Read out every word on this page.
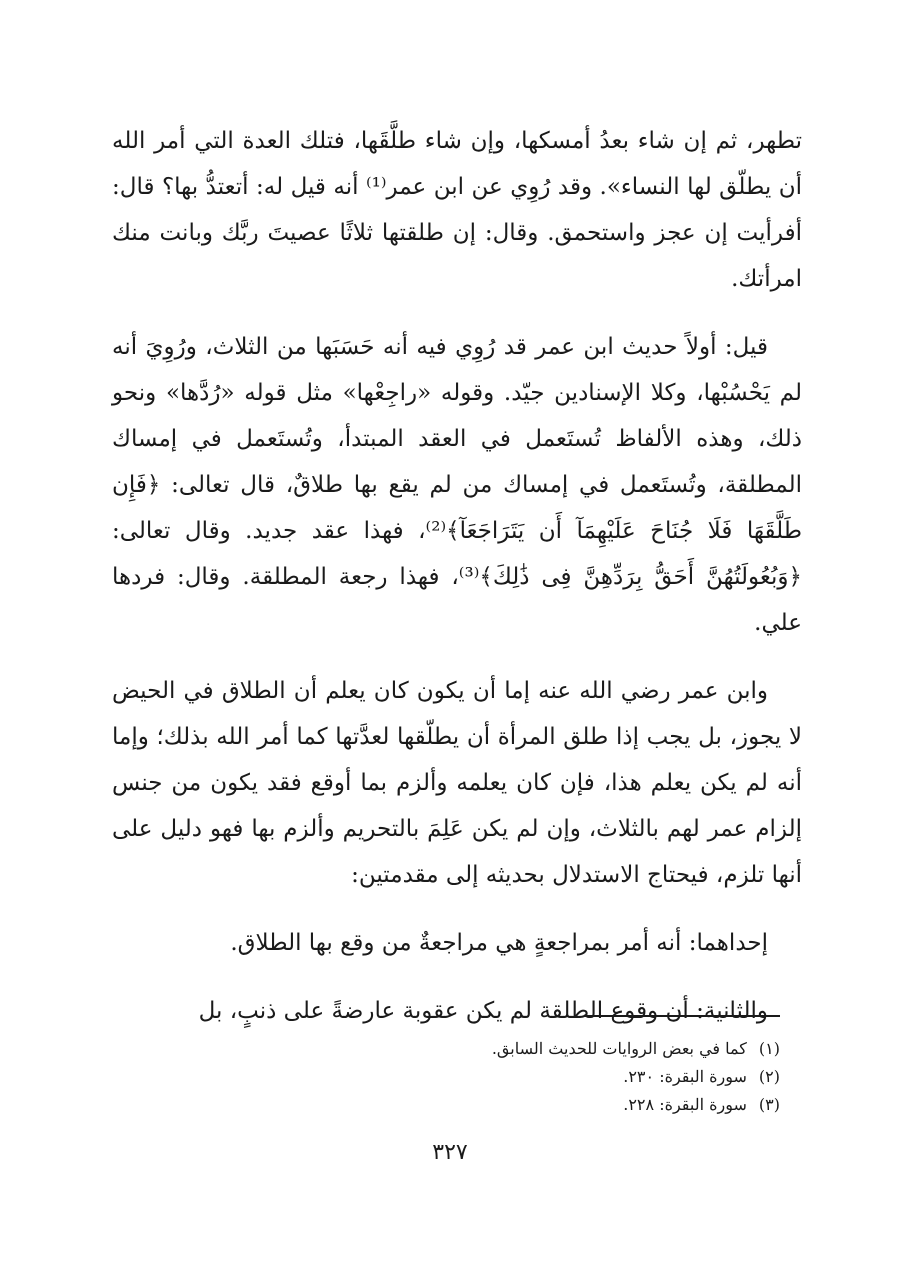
تطهر، ثم إن شاء بعدُ أمسكها، وإن شاء طلَّقَها، فتلك العدة التي أمر الله أن يطلّق لها النساء». وقد رُوِي عن ابن عمر⁽¹⁾ أنه قيل له: أتعتدُّ بها؟ قال: أفرأيت إن عجز واستحمق. وقال: إن طلقتها ثلاثًا عصيتَ ربَّك وبانت منك امرأتك.

قيل: أولاً حديث ابن عمر قد رُوِي فيه أنه حَسَبَها من الثلاث، ورُوِيَ أنه لم يَحْسُبْها، وكلا الإسنادين جيّد. وقوله «راجِعْها» مثل قوله «رُدَّها» ونحو ذلك، وهذه الألفاظ تُستَعمل في العقد المبتدأ، وتُستَعمل في إمساك المطلقة، وتُستَعمل في إمساك من لم يقع بها طلاقٌ، قال تعالى: ﴿فَإِن طَلَّقَهَا فَلَا جُنَاحَ عَلَيْهِمَآ أَن يَتَرَاجَعَآ﴾⁽²⁾، فهذا عقد جديد. وقال تعالى: ﴿وَبُعُولَتُهُنَّ أَحَقُّ بِرَدِّهِنَّ فِى ذَٰلِكَ﴾⁽³⁾، فهذا رجعة المطلقة. وقال: فردها علي.

وابن عمر رضي الله عنه إما أن يكون كان يعلم أن الطلاق في الحيض لا يجوز، بل يجب إذا طلق المرأة أن يطلّقها لعدَّتها كما أمر الله بذلك؛ وإما أنه لم يكن يعلم هذا، فإن كان يعلمه وألزم بما أوقع فقد يكون من جنس إلزام عمر لهم بالثلاث، وإن لم يكن عَلِمَ بالتحريم وألزم بها فهو دليل على أنها تلزم، فيحتاج الاستدلال بحديثه إلى مقدمتين:

إحداهما: أنه أمر بمراجعةٍ هي مراجعةٌ من وقع بها الطلاق.

والثانية: أن وقوع الطلقة لم يكن عقوبة عارضةً على ذنبٍ، بل

(١)كما في بعض الروايات للحديث السابق.
(٢)سورة البقرة: ٢٣٠.
(٣)سورة البقرة: ٢٢٨.
٣٢٧
